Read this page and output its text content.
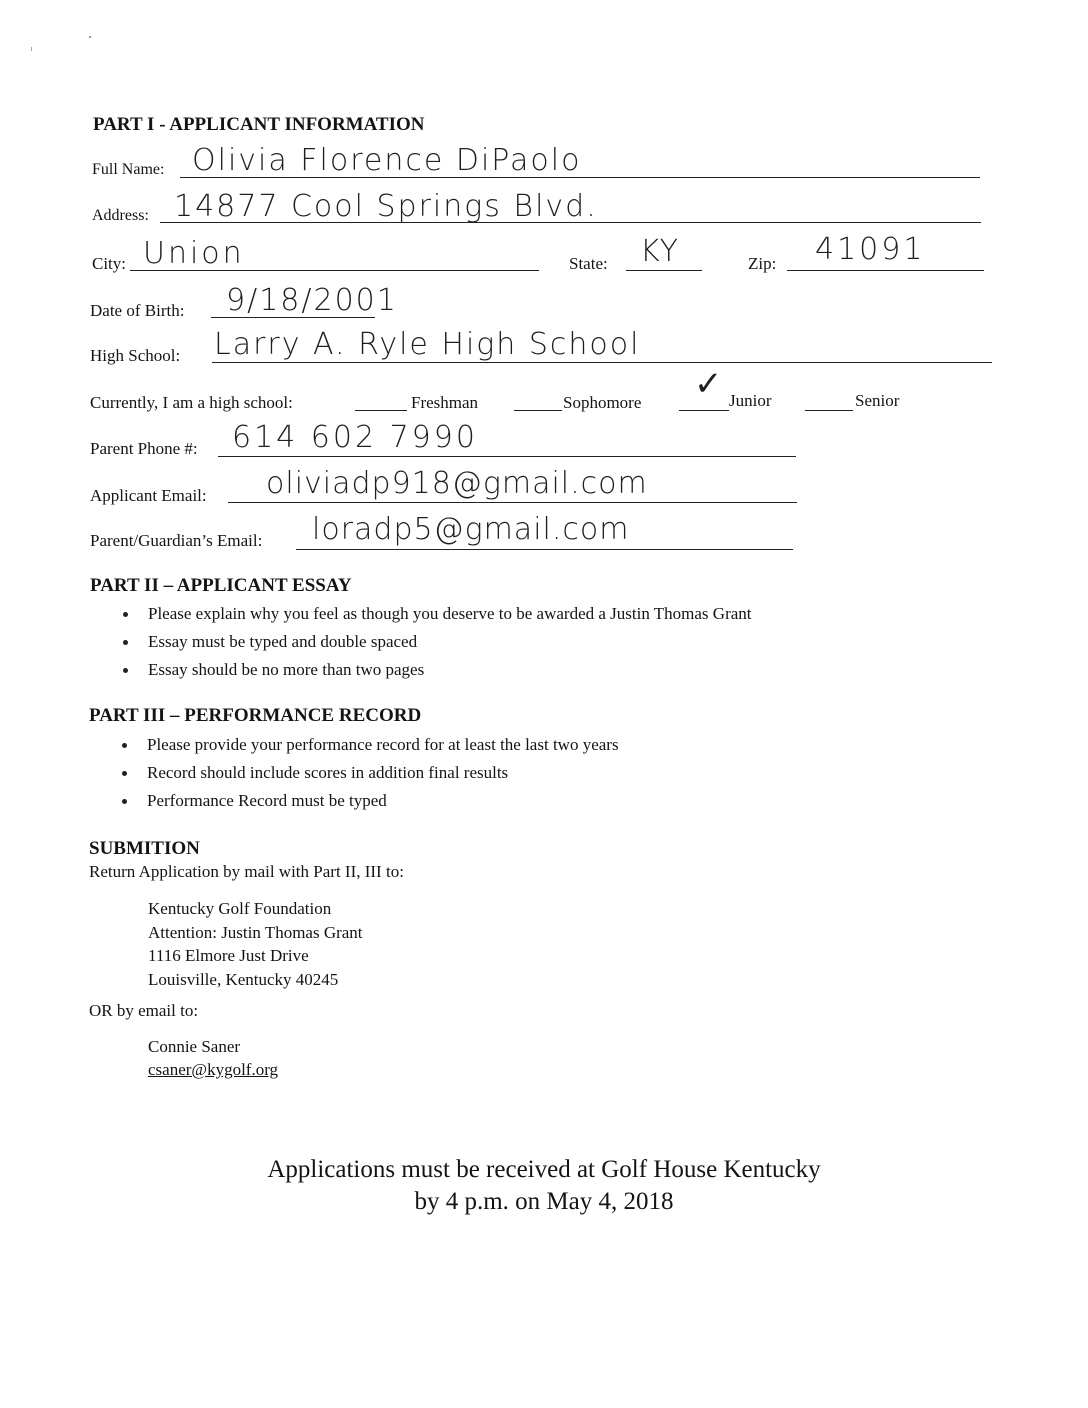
PART I - APPLICANT INFORMATION
Full Name: Olivia Florence DiPaolo
Address: 14877 Cool Springs Blvd.
City: Union	State: KY	Zip: 41091
Date of Birth: 9/18/2001
High School: Larry A. Ryle High School
Currently, I am a high school:	Freshman	Sophomore ✓ Junior	Senior
Parent Phone #: 614 602 7990
Applicant Email: oliviadp918@gmail.com
Parent/Guardian’s Email: loradp5@gmail.com
PART II – APPLICANT ESSAY
Please explain why you feel as though you deserve to be awarded a Justin Thomas Grant
Essay must be typed and double spaced
Essay should be no more than two pages
PART III – PERFORMANCE RECORD
Please provide your performance record for at least the last two years
Record should include scores in addition final results
Performance Record must be typed
SUBMITION
Return Application by mail with Part II, III to:
Kentucky Golf Foundation
Attention: Justin Thomas Grant
1116 Elmore Just Drive
Louisville, Kentucky 40245
OR by email to:
Connie Saner
csaner@kygolf.org
Applications must be received at Golf House Kentucky
by 4 p.m. on May 4, 2018
